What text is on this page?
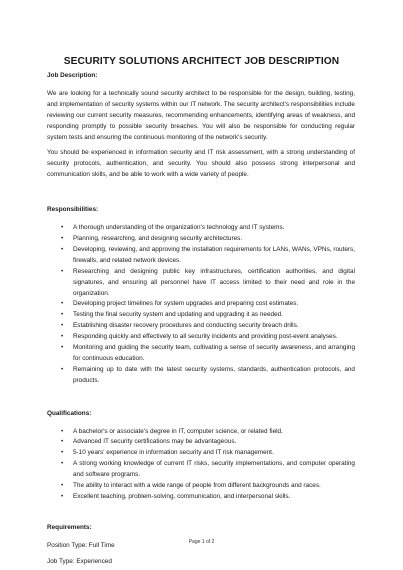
SECURITY SOLUTIONS ARCHITECT JOB DESCRIPTION

Job Description:

We are looking for a technically sound security architect to be responsible for the design, building, testing, and implementation of security systems within our IT network. The security architect's responsibilities include reviewing our current security measures, recommending enhancements, identifying areas of weakness, and responding promptly to possible security breaches. You will also be responsible for conducting regular system tests and ensuring the continuous monitoring of the network's security.

You should be experienced in information security and IT risk assessment, with a strong understanding of security protocols, authentication, and security. You should also possess strong interpersonal and communication skills, and be able to work with a wide variety of people.

Responsibilities:

• A thorough understanding of the organization's technology and IT systems.
• Planning, researching, and designing security architectures.
• Developing, reviewing, and approving the installation requirements for LANs, WANs, VPNs, routers, firewalls, and related network devices.
• Researching and designing public key infrastructures, certification authorities, and digital signatures, and ensuring all personnel have IT access limited to their need and role in the organization.
• Developing project timelines for system upgrades and preparing cost estimates.
• Testing the final security system and updating and upgrading it as needed.
• Establishing disaster recovery procedures and conducting security breach drills.
• Responding quickly and effectively to all security incidents and providing post-event analyses.
• Monitoring and guiding the security team, cultivating a sense of security awareness, and arranging for continuous education.
• Remaining up to date with the latest security systems, standards, authentication protocols, and products.

Qualifications:

• A bachelor's or associate's degree in IT, computer science, or related field.
• Advanced IT security certifications may be advantageous.
• 5-10 years' experience in information security and IT risk management.
• A strong working knowledge of current IT risks, security implementations, and computer operating and software programs.
• The ability to interact with a wide range of people from different backgrounds and races.
• Excellent teaching, problem-solving, communication, and interpersonal skills.

Requirements:

Position Type: Full Time

Job Type: Experienced

Page 1 of 2
